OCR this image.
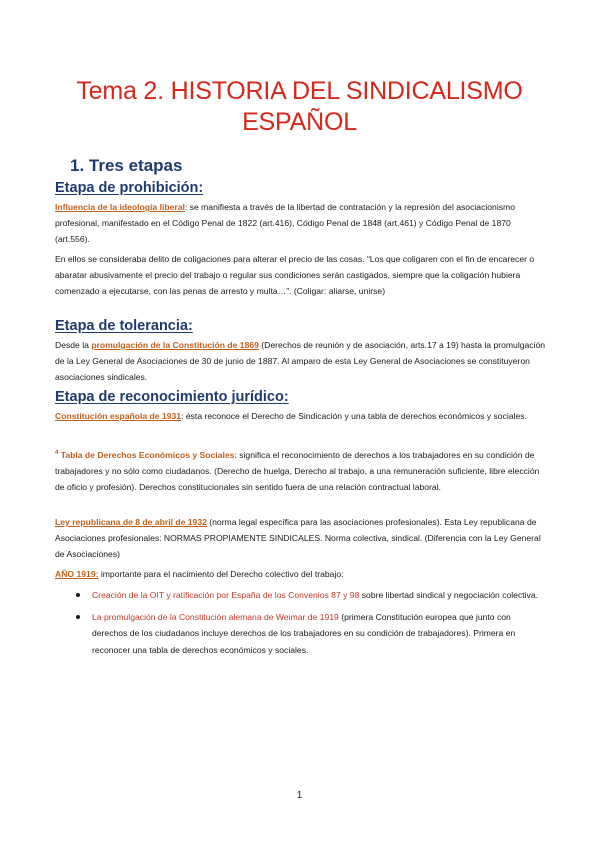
Tema 2. HISTORIA DEL SINDICALISMO ESPAÑOL
1. Tres etapas
Etapa de prohibición:

Influencia de la ideología liberal: se manifiesta a través de la libertad de contratación y la represión del asociacionismo profesional, manifestado en el Código Penal de 1822 (art.416), Código Penal de 1848 (art.461) y Código Penal de 1870 (art.556).

En ellos se consideraba delito de coligaciones para alterar el precio de las cosas. “Los que coligaren con el fin de encarecer o abaratar abusivamente el precio del trabajo o regular sus condiciones serán castigados, siempre que la coligación hubiera comenzado a ejecutarse, con las penas de arresto y multa…”. (Coligar: aliarse, unirse)

Etapa de tolerancia:

Desde la promulgación de la Constitución de 1869 (Derechos de reunión y de asociación, arts.17 a 19) hasta la promulgación de la Ley General de Asociaciones de 30 de junio de 1887. Al amparo de esta Ley General de Asociaciones se constituyeron asociaciones sindicales.

Etapa de reconocimiento jurídico:

Constitución española de 1931: ésta reconoce el Derecho de Sindicación y una tabla de derechos económicos y sociales.

$^4$ Tabla de Derechos Económicos y Sociales: significa el reconocimiento de derechos a los trabajadores en su condición de trabajadores y no sólo como ciudadanos. (Derecho de huelga, Derecho al trabajo, a una remuneración suficiente, libre elección de oficio y profesión). Derechos constitucionales sin sentido fuera de una relación contractual laboral.

Ley republicana de 8 de abril de 1932 (norma legal específica para las asociaciones profesionales). Esta Ley republicana de Asociaciones profesionales: NORMAS PROPIAMENTE SINDICALES. Norma colectiva, sindical. (Diferencia con la Ley General de Asociaciones)

AÑO 1919: importante para el nacimiento del Derecho colectivo del trabajo:

Creación de la OIT y ratificación por España de los Convenios 87 y 98 sobre libertad sindical y negociación colectiva.
La promulgación de la Constitución alemana de Weimar de 1919 (primera Constitución europea que junto con derechos de los ciudadanos incluye derechos de los trabajadores en su condición de trabajadores). Primera en reconocer una tabla de derechos económicos y sociales.
1
